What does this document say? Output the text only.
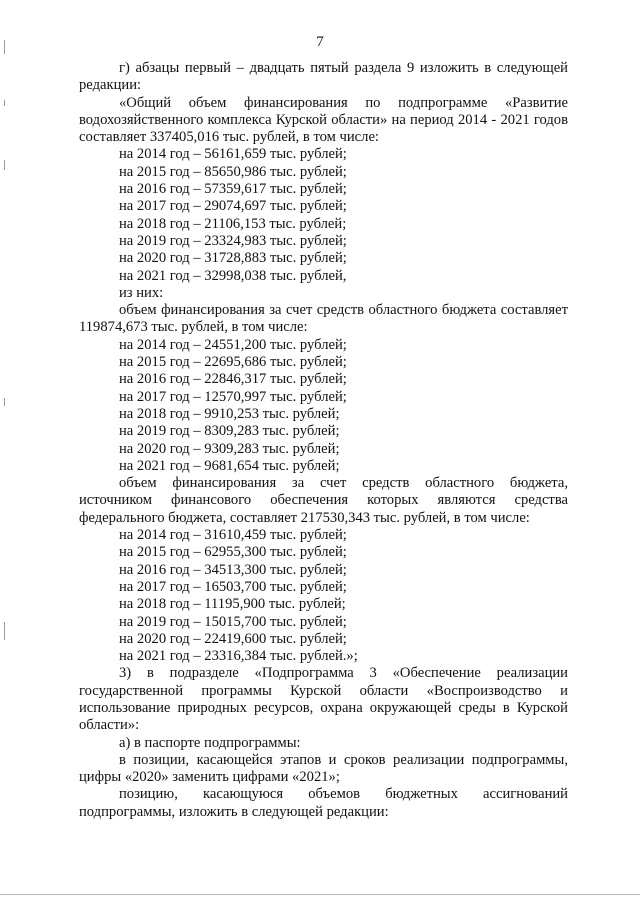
7

г) абзацы первый – двадцать пятый раздела 9 изложить в следующей редакции:

«Общий объем финансирования по подпрограмме «Развитие водохозяйственного комплекса Курской области» на период 2014 - 2021 годов составляет 337405,016 тыс. рублей, в том числе:

на 2014 год – 56161,659 тыс. рублей;
на 2015 год – 85650,986 тыс. рублей;
на 2016 год – 57359,617 тыс. рублей;
на 2017 год – 29074,697 тыс. рублей;
на 2018 год – 21106,153 тыс. рублей;
на 2019 год – 23324,983 тыс. рублей;
на 2020 год – 31728,883 тыс. рублей;
на 2021 год – 32998,038 тыс. рублей,
из них:

объем финансирования за счет средств областного бюджета составляет 119874,673 тыс. рублей, в том числе:

на 2014 год – 24551,200 тыс. рублей;
на 2015 год – 22695,686 тыс. рублей;
на 2016 год – 22846,317 тыс. рублей;
на 2017 год – 12570,997 тыс. рублей;
на 2018 год – 9910,253 тыс. рублей;
на 2019 год – 8309,283 тыс. рублей;
на 2020 год – 9309,283 тыс. рублей;
на 2021 год – 9681,654 тыс. рублей;

объем финансирования за счет средств областного бюджета, источником финансового обеспечения которых являются средства федерального бюджета, составляет 217530,343 тыс. рублей, в том числе:

на 2014 год – 31610,459 тыс. рублей;
на 2015 год – 62955,300 тыс. рублей;
на 2016 год – 34513,300 тыс. рублей;
на 2017 год – 16503,700 тыс. рублей;
на 2018 год – 11195,900 тыс. рублей;
на 2019 год – 15015,700 тыс. рублей;
на 2020 год – 22419,600 тыс. рублей;
на 2021 год – 23316,384 тыс. рублей.»;

3) в подразделе «Подпрограмма 3 «Обеспечение реализации государственной программы Курской области «Воспроизводство и использование природных ресурсов, охрана окружающей среды в Курской области»:

а) в паспорте подпрограммы:

в позиции, касающейся этапов и сроков реализации подпрограммы, цифры «2020» заменить цифрами «2021»;

позицию, касающуюся объемов бюджетных ассигнований подпрограммы, изложить в следующей редакции:
